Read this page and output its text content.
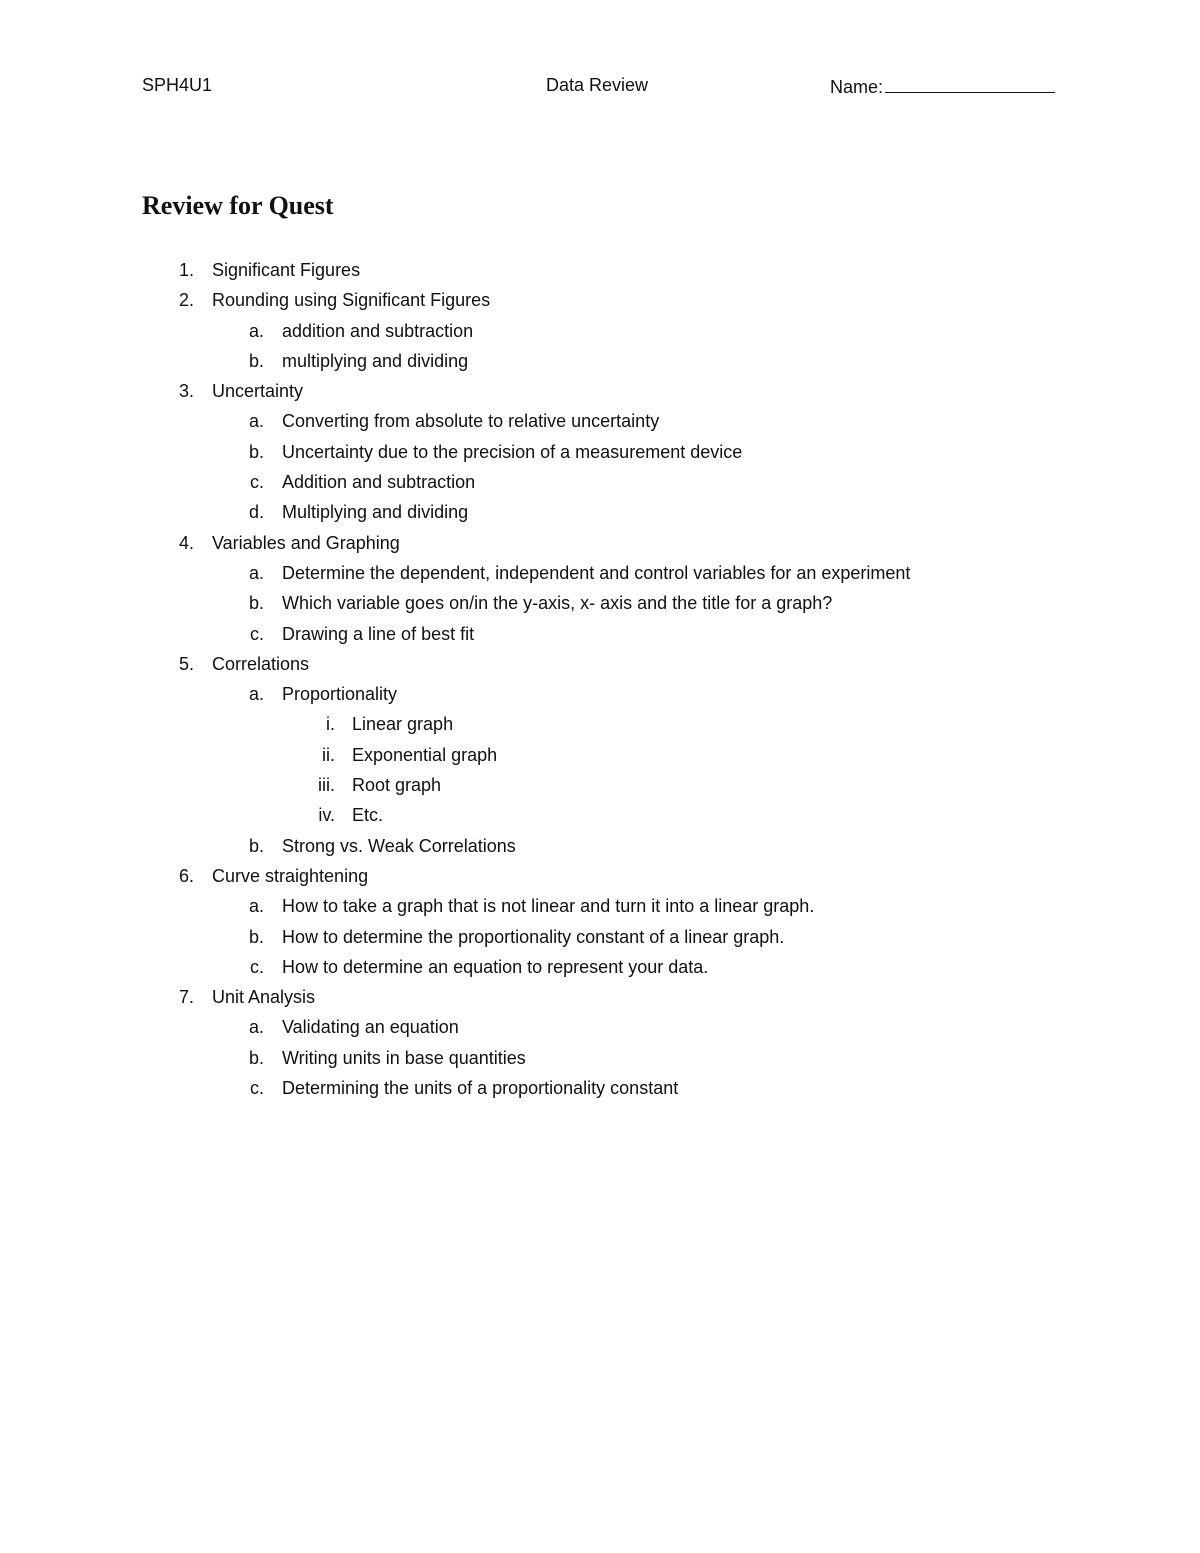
SPH4U1	Data Review	Name:
Review for Quest
1. Significant Figures
2. Rounding using Significant Figures
a. addition and subtraction
b. multiplying and dividing
3. Uncertainty
a. Converting from absolute to relative uncertainty
b. Uncertainty due to the precision of a measurement device
c. Addition and subtraction
d. Multiplying and dividing
4. Variables and Graphing
a. Determine the dependent, independent and control variables for an experiment
b. Which variable goes on/in the y-axis, x- axis and the title for a graph?
c. Drawing a line of best fit
5. Correlations
a. Proportionality
i. Linear graph
ii. Exponential graph
iii. Root graph
iv. Etc.
b. Strong vs. Weak Correlations
6. Curve straightening
a. How to take a graph that is not linear and turn it into a linear graph.
b. How to determine the proportionality constant of a linear graph.
c. How to determine an equation to represent your data.
7. Unit Analysis
a. Validating an equation
b. Writing units in base quantities
c. Determining the units of a proportionality constant
